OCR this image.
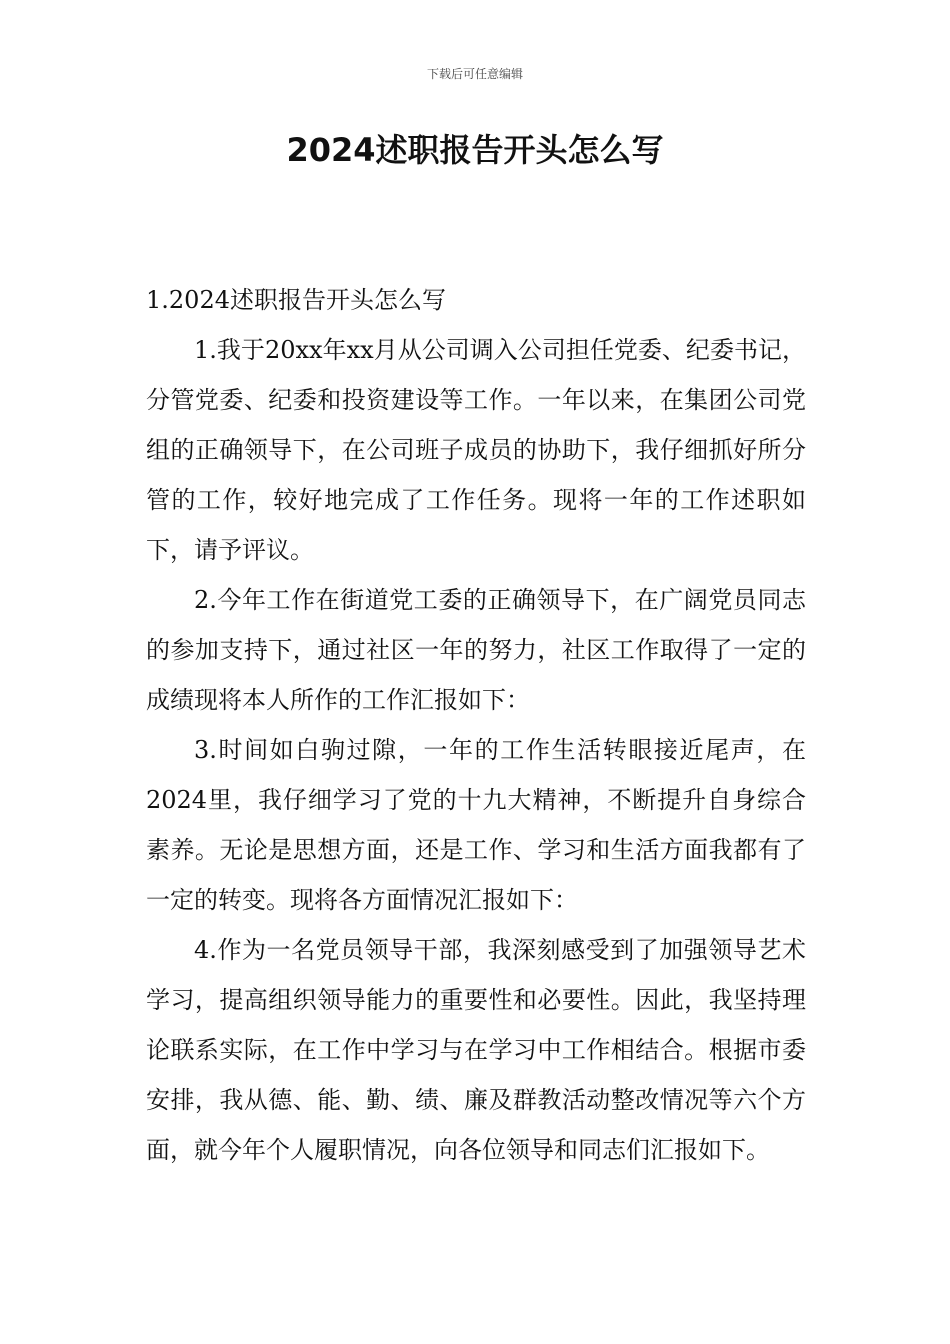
下载后可任意编辑
2024述职报告开头怎么写

1.2024述职报告开头怎么写

1.我于20xx年xx月从公司调入公司担任党委、纪委书记，分管党委、纪委和投资建设等工作。一年以来，在集团公司党组的正确领导下，在公司班子成员的协助下，我仔细抓好所分管的工作，较好地完成了工作任务。现将一年的工作述职如下，请予评议。

2.今年工作在街道党工委的正确领导下，在广阔党员同志的参加支持下，通过社区一年的努力，社区工作取得了一定的成绩现将本人所作的工作汇报如下：

3.时间如白驹过隙，一年的工作生活转眼接近尾声，在2024里，我仔细学习了党的十九大精神，不断提升自身综合素养。无论是思想方面，还是工作、学习和生活方面我都有了一定的转变。现将各方面情况汇报如下：

4.作为一名党员领导干部，我深刻感受到了加强领导艺术学习，提高组织领导能力的重要性和必要性。因此，我坚持理论联系实际，在工作中学习与在学习中工作相结合。根据市委安排，我从德、能、勤、绩、廉及群教活动整改情况等六个方面，就今年个人履职情况，向各位领导和同志们汇报如下。
